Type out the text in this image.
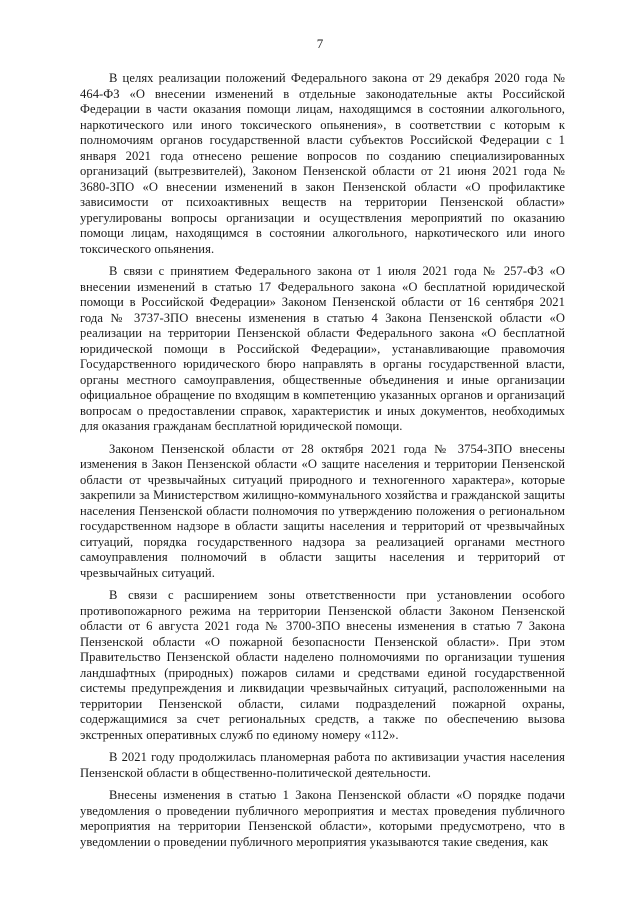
7

В целях реализации положений Федерального закона от 29 декабря 2020 года № 464-ФЗ «О внесении изменений в отдельные законодательные акты Российской Федерации в части оказания помощи лицам, находящимся в состоянии алкогольного, наркотического или иного токсического опьянения», в соответствии с которым к полномочиям органов государственной власти субъектов Российской Федерации с 1 января 2021 года отнесено решение вопросов по созданию специализированных организаций (вытрезвителей), Законом Пензенской области от 21 июня 2021 года № 3680-ЗПО «О внесении изменений в закон Пензенской области «О профилактике зависимости от психоактивных веществ на территории Пензенской области» урегулированы вопросы организации и осуществления мероприятий по оказанию помощи лицам, находящимся в состоянии алкогольного, наркотического или иного токсического опьянения.

В связи с принятием Федерального закона от 1 июля 2021 года № 257-ФЗ «О внесении изменений в статью 17 Федерального закона «О бесплатной юридической помощи в Российской Федерации» Законом Пензенской области от 16 сентября 2021 года № 3737-ЗПО внесены изменения в статью 4 Закона Пензенской области «О реализации на территории Пензенской области Федерального закона «О бесплатной юридической помощи в Российской Федерации», устанавливающие правомочия Государственного юридического бюро направлять в органы государственной власти, органы местного самоуправления, общественные объединения и иные организации официальное обращение по входящим в компетенцию указанных органов и организаций вопросам о предоставлении справок, характеристик и иных документов, необходимых для оказания гражданам бесплатной юридической помощи.

Законом Пензенской области от 28 октября 2021 года № 3754-ЗПО внесены изменения в Закон Пензенской области «О защите населения и территории Пензенской области от чрезвычайных ситуаций природного и техногенного характера», которые закрепили за Министерством жилищно-коммунального хозяйства и гражданской защиты населения Пензенской области полномочия по утверждению положения о региональном государственном надзоре в области защиты населения и территорий от чрезвычайных ситуаций, порядка государственного надзора за реализацией органами местного самоуправления полномочий в области защиты населения и территорий от чрезвычайных ситуаций.

В связи с расширением зоны ответственности при установлении особого противопожарного режима на территории Пензенской области Законом Пензенской области от 6 августа 2021 года № 3700-ЗПО внесены изменения в статью 7 Закона Пензенской области «О пожарной безопасности Пензенской области». При этом Правительство Пензенской области наделено полномочиями по организации тушения ландшафтных (природных) пожаров силами и средствами единой государственной системы предупреждения и ликвидации чрезвычайных ситуаций, расположенными на территории Пензенской области, силами подразделений пожарной охраны, содержащимися за счет региональных средств, а также по обеспечению вызова экстренных оперативных служб по единому номеру «112».

В 2021 году продолжилась планомерная работа по активизации участия населения Пензенской области в общественно-политической деятельности.

Внесены изменения в статью 1 Закона Пензенской области «О порядке подачи уведомления о проведении публичного мероприятия и местах проведения публичного мероприятия на территории Пензенской области», которыми предусмотрено, что в уведомлении о проведении публичного мероприятия указываются такие сведения, как
